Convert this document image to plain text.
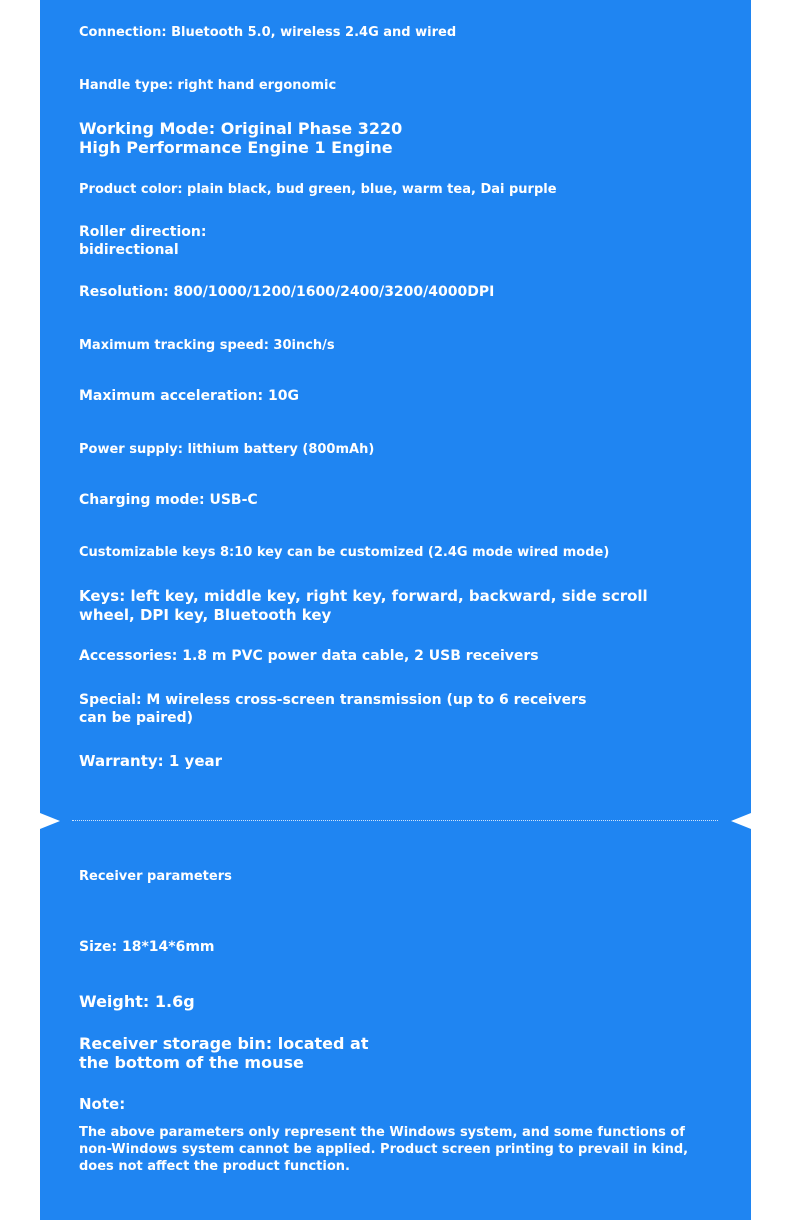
Connection: Bluetooth 5.0, wireless 2.4G and wired
Handle type: right hand ergonomic
Working Mode: Original Phase 3220 High Performance Engine 1 Engine
Product color: plain black, bud green, blue, warm tea, Dai purple
Roller direction: bidirectional
Resolution: 800/1000/1200/1600/2400/3200/4000DPI
Maximum tracking speed: 30inch/s
Maximum acceleration: 10G
Power supply: lithium battery (800mAh)
Charging mode: USB-C
Customizable keys 8:10 key can be customized (2.4G mode wired mode)
Keys: left key, middle key, right key, forward, backward, side scroll wheel, DPI key, Bluetooth key
Accessories: 1.8 m PVC power data cable, 2 USB receivers
Special: M wireless cross-screen transmission (up to 6 receivers can be paired)
Warranty: 1 year
Receiver parameters
Size: 18*14*6mm
Weight: 1.6g
Receiver storage bin: located at the bottom of the mouse
Note:
The above parameters only represent the Windows system, and some functions of non-Windows system cannot be applied. Product screen printing to prevail in kind, does not affect the product function.
